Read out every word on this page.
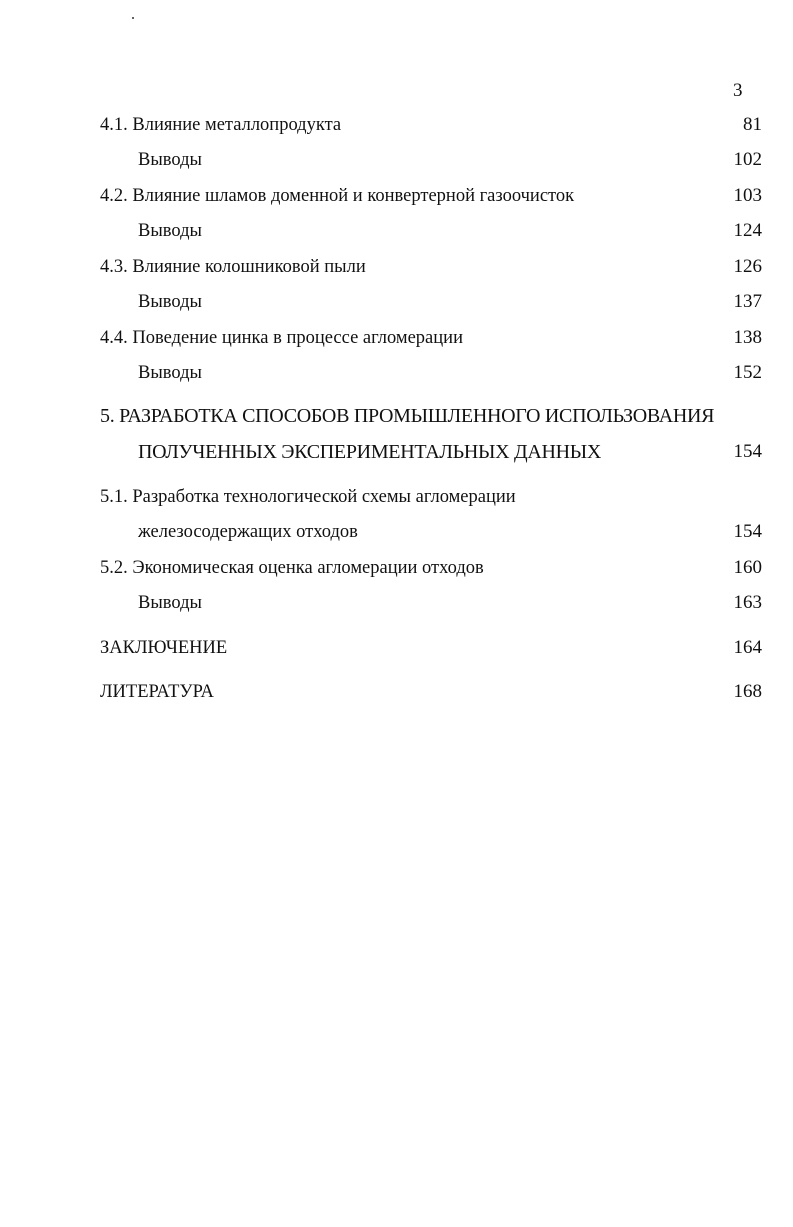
3
4.1. Влияние металлопродукта	81
Выводы	102
4.2. Влияние шламов доменной и конвертерной газоочисток	103
Выводы	124
4.3. Влияние колошниковой пыли	126
Выводы	137
4.4. Поведение цинка в процессе агломерации	138
Выводы	152
5. РАЗРАБОТКА СПОСОБОВ ПРОМЫШЛЕННОГО ИСПОЛЬЗОВАНИЯ
ПОЛУЧЕННЫХ ЭКСПЕРИМЕНТАЛЬНЫХ ДАННЫХ	154
5.1. Разработка технологической схемы агломерации
железосодержащих отходов	154
5.2. Экономическая оценка агломерации отходов	160
Выводы	163
ЗАКЛЮЧЕНИЕ	164
ЛИТЕРАТУРА	168
